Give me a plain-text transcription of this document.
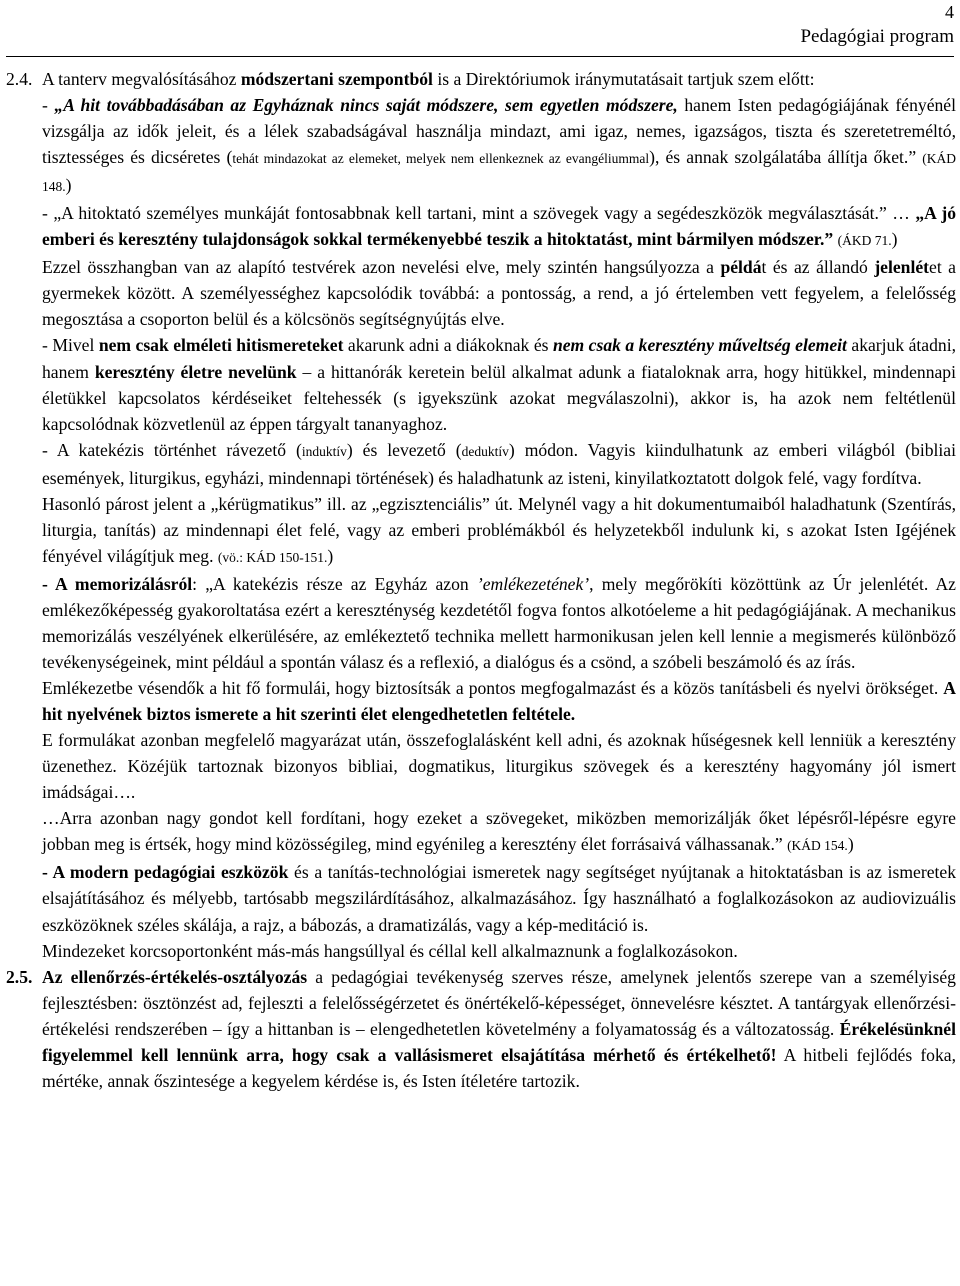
4
Pedagógiai program
2.4. A tanterv megvalósításához módszertani szempontból is a Direktóriumok iránymutatásait tartjuk szem előtt:

- „A hit továbbadásában az Egyháznak nincs saját módszere, sem egyetlen módszere, hanem Isten pedagógiájának fényénél vizsgálja az idők jeleit, és a lélek szabadságával használja mindazt, ami igaz, nemes, igazságos, tiszta és szeretetreméltó, tisztességes és dicséretes (tehát mindazokat az elemeket, melyek nem ellenkeznek az evangéliummal), és annak szolgálatába állítja őket.” (KÁD 148.)

- „A hitoktató személyes munkáját fontosabbnak kell tartani, mint a szövegek vagy a segédeszközök megválasztását.” … „A jó emberi és keresztény tulajdonságok sokkal termékenyebbé teszik a hitoktatást, mint bármilyen módszer.” (ÁKD 71.)

Ezzel összhangban van az alapító testvérek azon nevelési elve, mely szintén hangsúlyozza a példát és az állandó jelenlétet a gyermekek között. A személyességhez kapcsolódik továbbá: a pontosság, a rend, a jó értelemben vett fegyelem, a felelősség megosztása a csoporton belül és a kölcsönös segítségnyújtás elve.

- Mivel nem csak elméleti hitismereteket akarunk adni a diákoknak és nem csak a keresztény műveltség elemeit akarjuk átadni, hanem keresztény életre nevelünk – a hittanórák keretein belül alkalmat adunk a fiataloknak arra, hogy hitükkel, mindennapi életükkel kapcsolatos kérdéseiket feltehessék (s igyekszünk azokat megválaszolni), akkor is, ha azok nem feltétlenül kapcsolódnak közvetlenül az éppen tárgyalt tananyaghoz.

- A katekézis történhet rávezető (induktív) és levezető (deduktív) módon. Vagyis kiindulhatunk az emberi világból (bibliai események, liturgikus, egyházi, mindennapi történések) és haladhatunk az isteni, kinyilatkoztatott dolgok felé, vagy fordítva.

Hasonló párost jelent a „kérügmatikus” ill. az „egzisztenciális” út. Melynél vagy a hit dokumentumaiból haladhatunk (Szentírás, liturgia, tanítás) az mindennapi élet felé, vagy az emberi problémákból és helyzetekből indulunk ki, s azokat Isten Igéjének fényével világítjuk meg. (vö.: KÁD 150-151.)

- A memorizálásról: „A katekézis része az Egyház azon ’emlékezetének’, mely megőrökíti közöttünk az Úr jelenlétét. Az emlékezőképesség gyakoroltatása ezért a kereszténység kezdetétől fogva fontos alkotóeleme a hit pedagógiájának. A mechanikus memorizálás veszélyének elkerülésére, az emlékeztető technika mellett harmonikusan jelen kell lennie a megismerés különböző tevékenységeinek, mint például a spontán válasz és a reflexió, a dialógus és a csönd, a szóbeli beszámoló és az írás.

Emlékezetbe vésendők a hit fő formulái, hogy biztosítsák a pontos megfogalmazást és a közös tanításbeli és nyelvi örökséget. A hit nyelvének biztos ismerete a hit szerinti élet elengedhetetlen feltétele.

E formulákat azonban megfelelő magyarázat után, összefoglalásként kell adni, és azoknak hűségesnek kell lenniük a keresztény üzenethez. Közéjük tartoznak bizonyos bibliai, dogmatikus, liturgikus szövegek és a keresztény hagyomány jól ismert imádságai….

…Arra azonban nagy gondot kell fordítani, hogy ezeket a szövegeket, miközben memorizálják őket lépésről-lépésre egyre jobban meg is értsék, hogy mind közösségileg, mind egyénileg a keresztény élet forrásaivá válhassanak.” (KÁD 154.)

- A modern pedagógiai eszközök és a tanítás-technológiai ismeretek nagy segítséget nyújtanak a hitoktatásban is az ismeretek elsajátításához és mélyebb, tartósabb megszilárdításához, alkalmazásához. Így használható a foglalkozásokon az audiovizuális eszközöknek széles skálája, a rajz, a bábozás, a dramatizálás, vagy a kép-meditáció is.

Mindezeket korcsoportonként más-más hangsúllyal és céllal kell alkalmaznunk a foglalkozásokon.

2.5. Az ellenőrzés-értékelés-osztályozás a pedagógiai tevékenység szerves része, amelynek jelentős szerepe van a személyiség fejlesztésben: ösztönzést ad, fejleszti a felelősségérzetet és önértékelő-képességet, önnevelésre késztet. A tantárgyak ellenőrzési-értékelési rendszerében – így a hittanban is – elengedhetetlen követelmény a folyamatosság és a változatosság. Érékelésünknél figyelemmel kell lennünk arra, hogy csak a vallásismeret elsajátítása mérhető és értékelhető! A hitbeli fejlődés foka, mértéke, annak őszintesége a kegyelem kérdése is, és Isten ítéletére tartozik.
